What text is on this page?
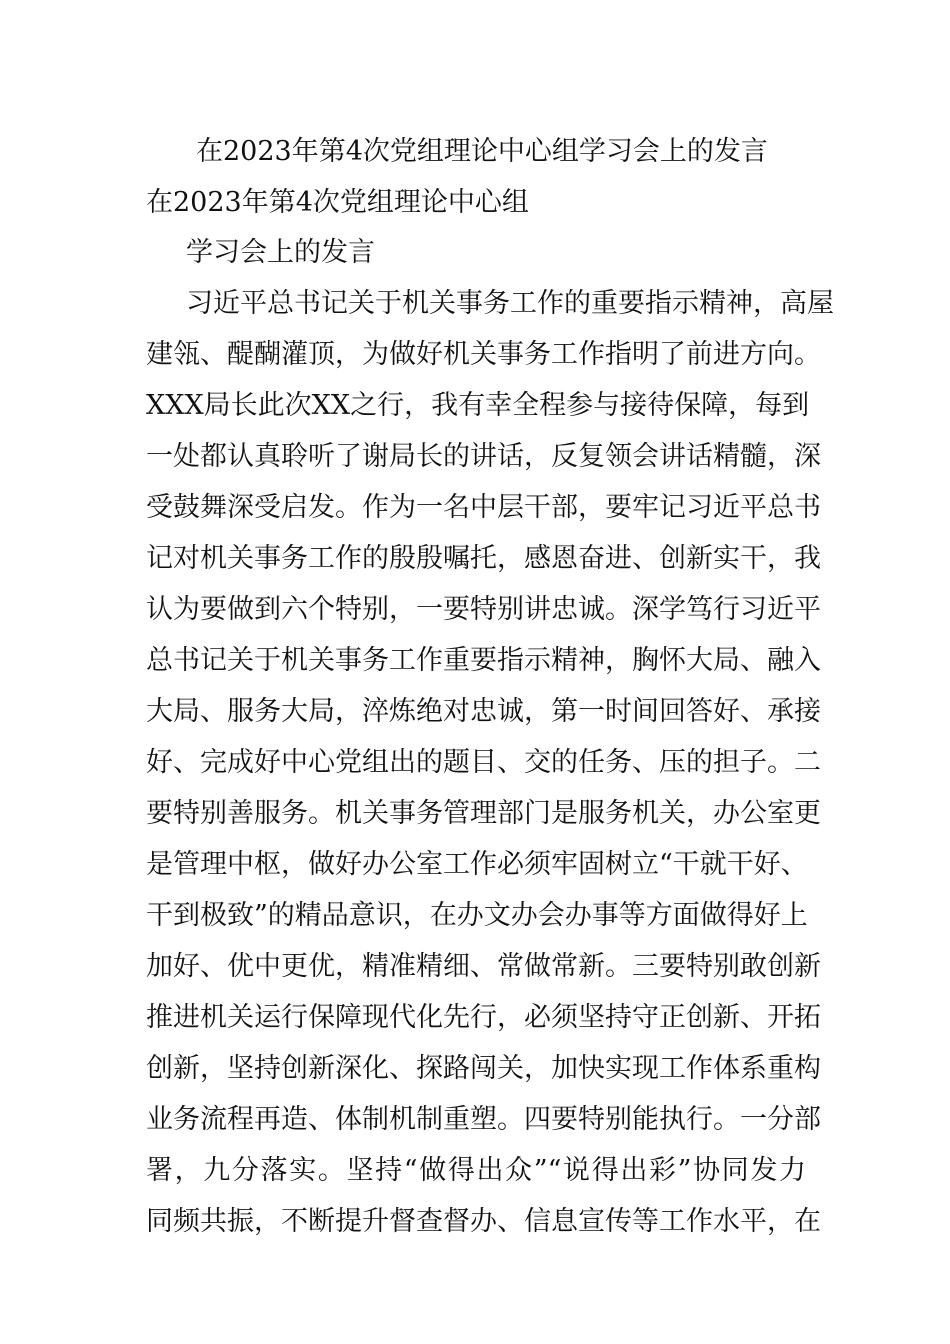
在2023年第4次党组理论中心组学习会上的发言
在2023年第4次党组理论中心组
学习会上的发言
习近平总书记关于机关事务工作的重要指示精神，高屋
建瓴、醍醐灌顶，为做好机关事务工作指明了前进方向。
XXX局长此次XX之行，我有幸全程参与接待保障，每到
一处都认真聆听了谢局长的讲话，反复领会讲话精髓，深
受鼓舞深受启发。作为一名中层干部，要牢记习近平总书
记对机关事务工作的殷殷嘱托，感恩奋进、创新实干，我
认为要做到六个特别，一要特别讲忠诚。深学笃行习近平
总书记关于机关事务工作重要指示精神，胸怀大局、融入
大局、服务大局，淬炼绝对忠诚，第一时间回答好、承接
好、完成好中心党组出的题目、交的任务、压的担子。二
要特别善服务。机关事务管理部门是服务机关，办公室更
是管理中枢，做好办公室工作必须牢固树立“干就干好、
干到极致”的精品意识，在办文办会办事等方面做得好上
加好、优中更优，精准精细、常做常新。三要特别敢创新
推进机关运行保障现代化先行，必须坚持守正创新、开拓
创新，坚持创新深化、探路闯关，加快实现工作体系重构
业务流程再造、体制机制重塑。四要特别能执行。一分部
署，九分落实。坚持“做得出众”“说得出彩”协同发力
同频共振，不断提升督查督办、信息宣传等工作水平，在
